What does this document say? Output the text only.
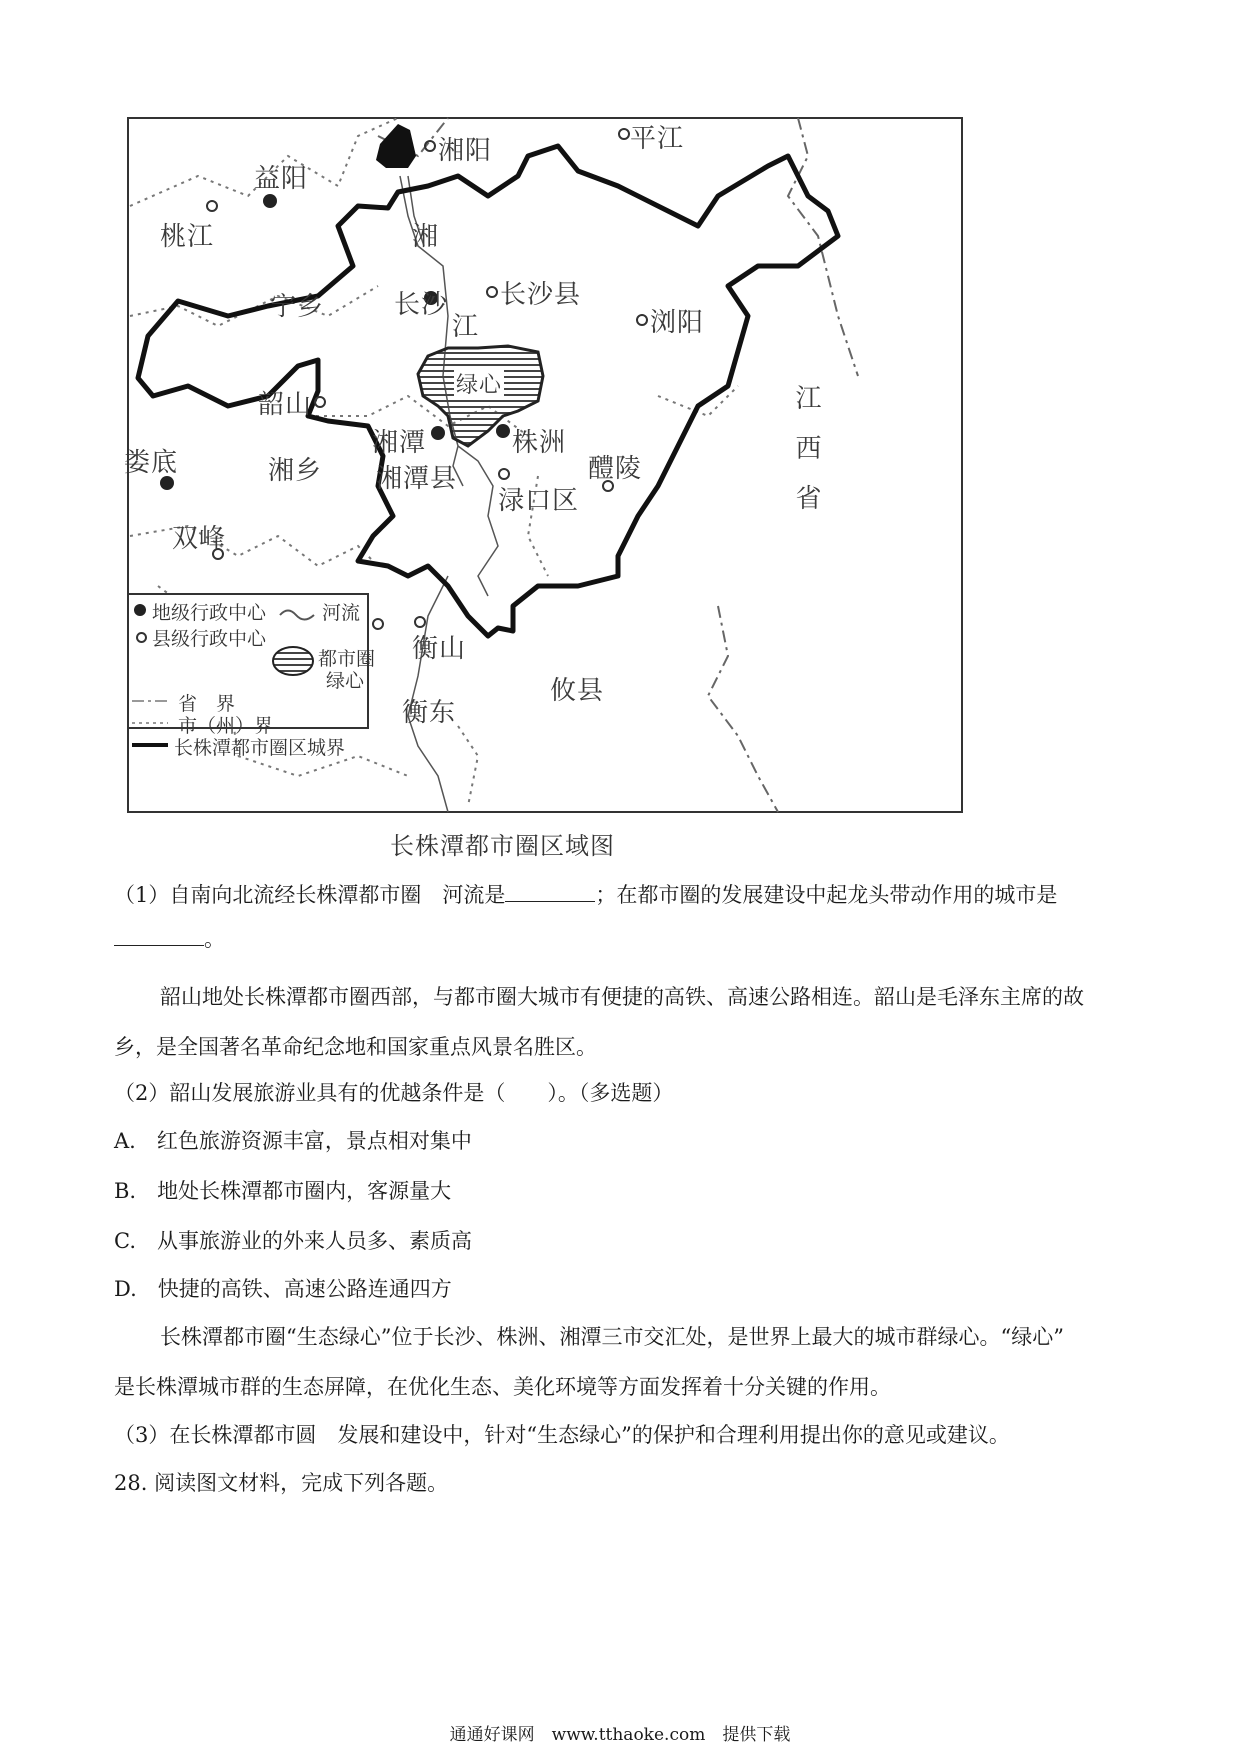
湘阳	平江
益阳
桃江	湘
长沙 长沙县
宁乡
江	浏阳
绿心
韶山
湘潭	株洲
湘潭县	醴陵
娄底	湘乡
渌口区
双峰
衡山
攸县
衡东
江西省
地级行政中心
县级行政中心
省　界
市（州）界
长株潭都市圈区城界
河流
都市圈
绿心
长株潭都市圈区域图
（1）自南向北流经长株潭都市圈　河流是	；在都市圈的发展建设中起龙头带动作用的城市是
。
韶山地处长株潭都市圈西部，与都市圈大城市有便捷的高铁、高速公路相连。韶山是毛泽东主席的故
乡，是全国著名革命纪念地和国家重点风景名胜区。
（2）韶山发展旅游业具有的优越条件是（　　）。（多选题）
A.　红色旅游资源丰富，景点相对集中
B.　地处长株潭都市圈内，客源量大
C.　从事旅游业的外来人员多、素质高
D.　快捷的高铁、高速公路连通四方
长株潭都市圈“生态绿心”位于长沙、株洲、湘潭三市交汇处，是世界上最大的城市群绿心。“绿心”
是长株潭城市群的生态屏障，在优化生态、美化环境等方面发挥着十分关键的作用。
（3）在长株潭都市圆　发展和建设中，针对“生态绿心”的保护和合理利用提出你的意见或建议。
28. 阅读图文材料，完成下列各题。
通通好课网　www.tthaoke.com　提供下载
